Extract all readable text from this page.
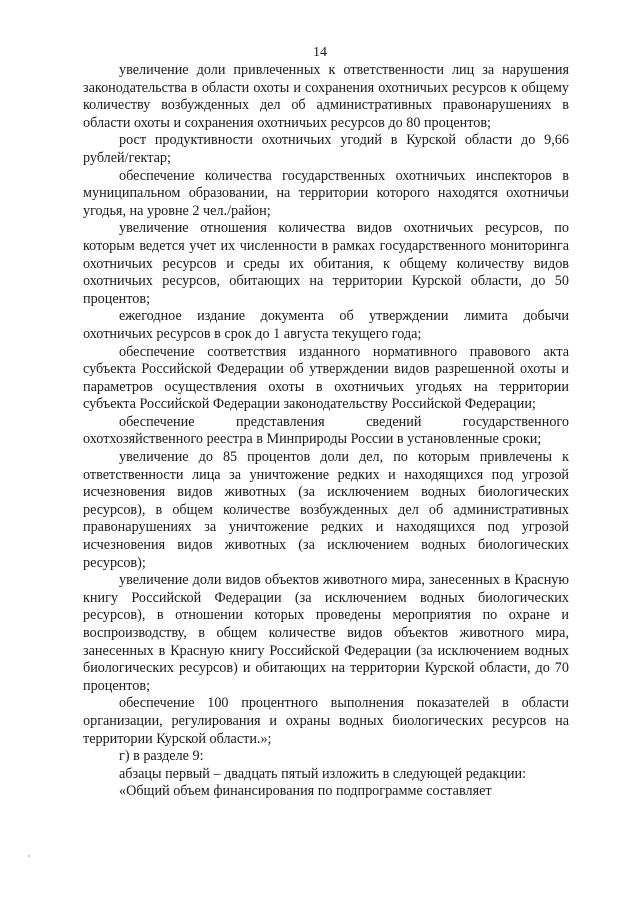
14

увеличение доли привлеченных к ответственности лиц за нарушения законодательства в области охоты и сохранения охотничьих ресурсов к общему количеству возбужденных дел об административных правонарушениях в области охоты и сохранения охотничьих ресурсов до 80 процентов;

рост продуктивности охотничьих угодий в Курской области до 9,66 рублей/гектар;

обеспечение количества государственных охотничьих инспекторов в муниципальном образовании, на территории которого находятся охотничьи угодья, на уровне 2 чел./район;

увеличение отношения количества видов охотничьих ресурсов, по которым ведется учет их численности в рамках государственного мониторинга охотничьих ресурсов и среды их обитания, к общему количеству видов охотничьих ресурсов, обитающих на территории Курской области, до 50 процентов;

ежегодное издание документа об утверждении лимита добычи охотничьих ресурсов в срок до 1 августа текущего года;

обеспечение соответствия изданного нормативного правового акта субъекта Российской Федерации об утверждении видов разрешенной охоты и параметров осуществления охоты в охотничьих угодьях на территории субъекта Российской Федерации законодательству Российской Федерации;

обеспечение представления сведений государственного охотхозяйственного реестра в Минприроды России в установленные сроки;

увеличение до 85 процентов доли дел, по которым привлечены к ответственности лица за уничтожение редких и находящихся под угрозой исчезновения видов животных (за исключением водных биологических ресурсов), в общем количестве возбужденных дел об административных правонарушениях за уничтожение редких и находящихся под угрозой исчезновения видов животных (за исключением водных биологических ресурсов);

увеличение доли видов объектов животного мира, занесенных в Красную книгу Российской Федерации (за исключением водных биологических ресурсов), в отношении которых проведены мероприятия по охране и воспроизводству, в общем количестве видов объектов животного мира, занесенных в Красную книгу Российской Федерации (за исключением водных биологических ресурсов) и обитающих на территории Курской области, до 70 процентов;

обеспечение 100 процентного выполнения показателей в области организации, регулирования и охраны водных биологических ресурсов на территории Курской области.»;

г) в разделе 9:

абзацы первый – двадцать пятый изложить в следующей редакции:

«Общий объем финансирования по подпрограмме составляет
